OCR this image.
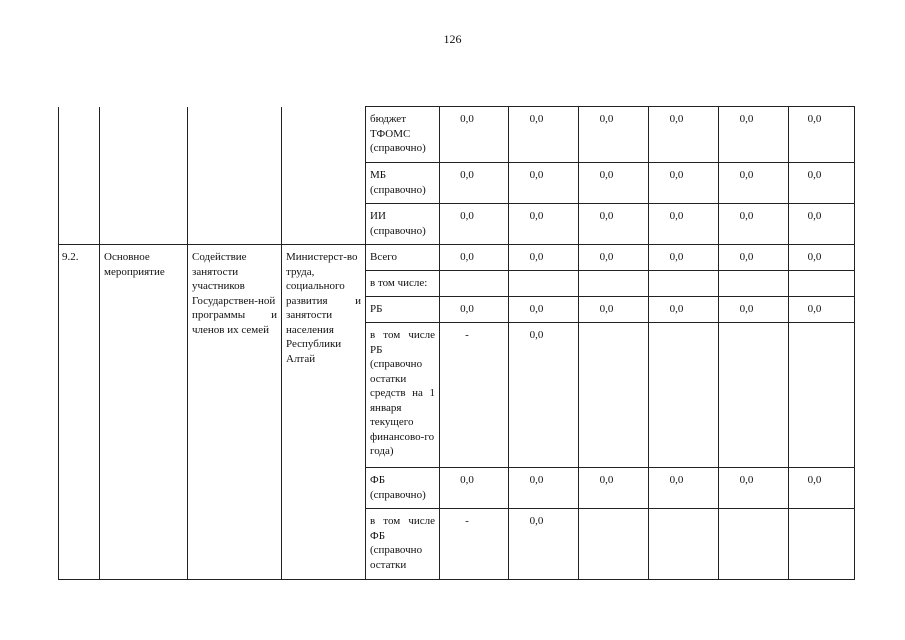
126
				бюджет ТФОМС (справочно)	0,0	0,0	0,0	0,0	0,0	0,0
				МБ (справочно)	0,0	0,0	0,0	0,0	0,0	0,0
				ИИ (справочно)	0,0	0,0	0,0	0,0	0,0	0,0
9.2.	Основное мероприятие	Содействие занятости участников Государствен-ной программы и членов их семей	Министерст-во труда, социального развития и занятости населения Республики Алтай	Всего	0,0	0,0	0,0	0,0	0,0	0,0
				в том числе:						
				РБ	0,0	0,0	0,0	0,0	0,0	0,0
				в том числе РБ (справочно остатки средств на 1 января текущего финансово-го года)	-	0,0				
				ФБ (справочно)	0,0	0,0	0,0	0,0	0,0	0,0
				в том числе ФБ (справочно остатки	-	0,0				
